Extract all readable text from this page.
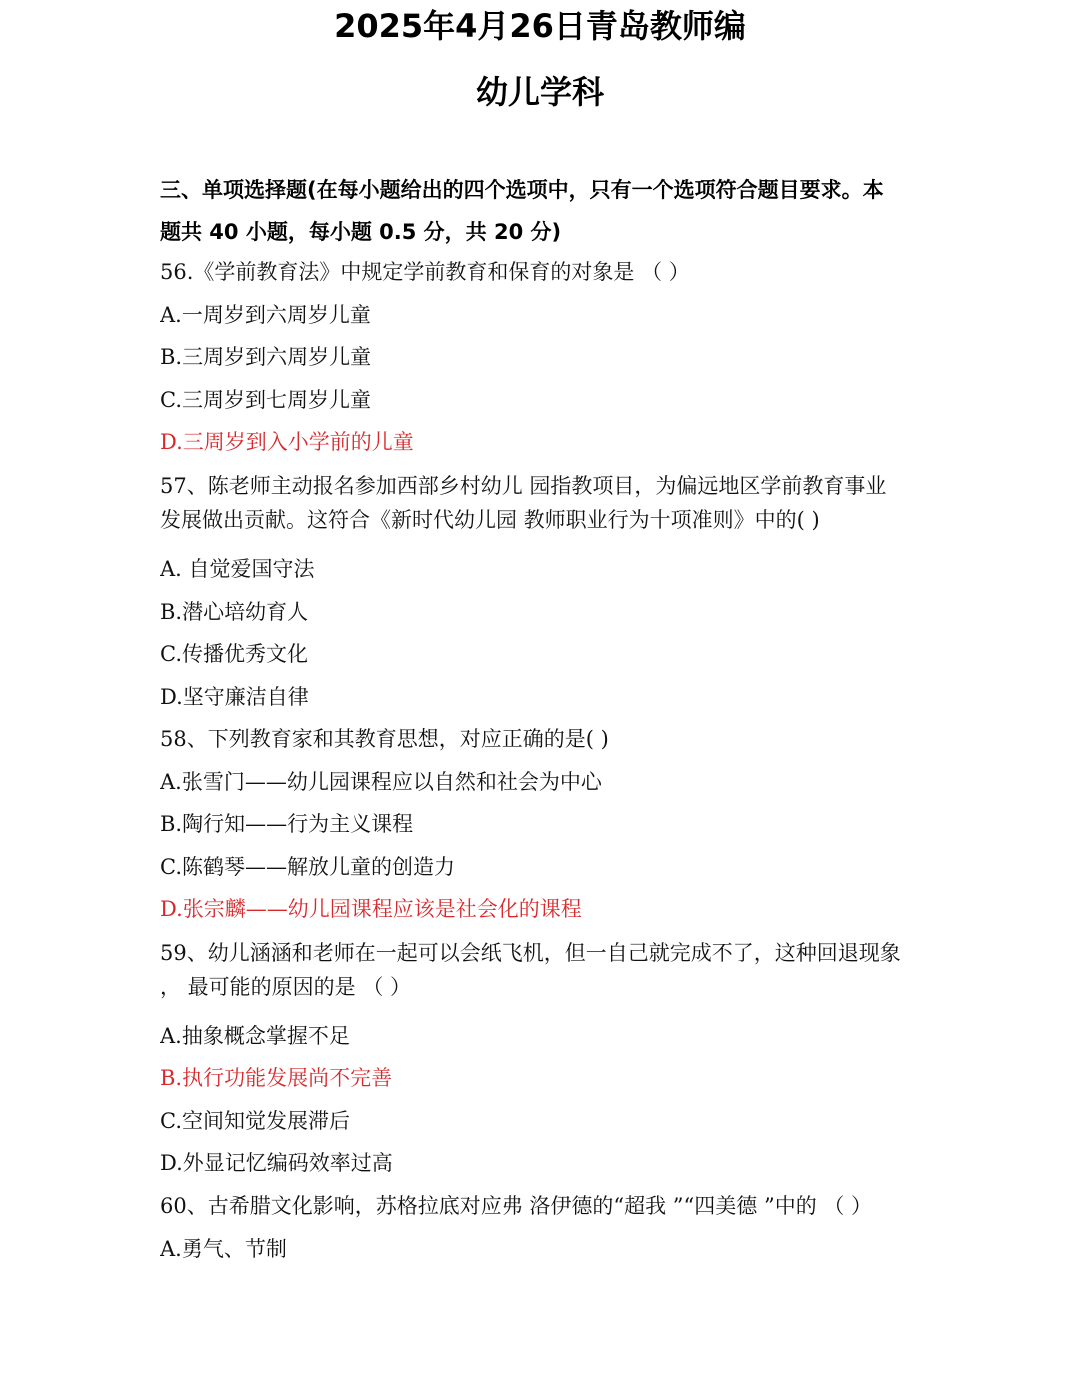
2025年4月26日青岛教师编
幼儿学科
三、单项选择题(在每小题给出的四个选项中，只有一个选项符合题目要求。本
题共 40 小题，每小题 0.5 分，共 20 分)
56.《学前教育法》中规定学前教育和保育的对象是 （ ）
A.一周岁到六周岁儿童
B.三周岁到六周岁儿童
C.三周岁到七周岁儿童
D.三周岁到入小学前的儿童
57、陈老师主动报名参加西部乡村幼儿 园指教项目，为偏远地区学前教育事业
发展做出贡献。这符合《新时代幼儿园 教师职业行为十项准则》中的( )
A. 自觉爱国守法
B.潜心培幼育人
C.传播优秀文化
D.坚守廉洁自律
58、下列教育家和其教育思想，对应正确的是( )
A.张雪门——幼儿园课程应以自然和社会为中心
B.陶行知——行为主义课程
C.陈鹤琴——解放儿童的创造力
D.张宗麟——幼儿园课程应该是社会化的课程
59、幼儿涵涵和老师在一起可以会纸飞机，但一自己就完成不了，这种回退现象
， 最可能的原因的是 （ ）
A.抽象概念掌握不足
B.执行功能发展尚不完善
C.空间知觉发展滞后
D.外显记忆编码效率过高
60、古希腊文化影响，苏格拉底对应弗 洛伊德的“超我 ”“四美德 ”中的 （ ）
A.勇气、节制
